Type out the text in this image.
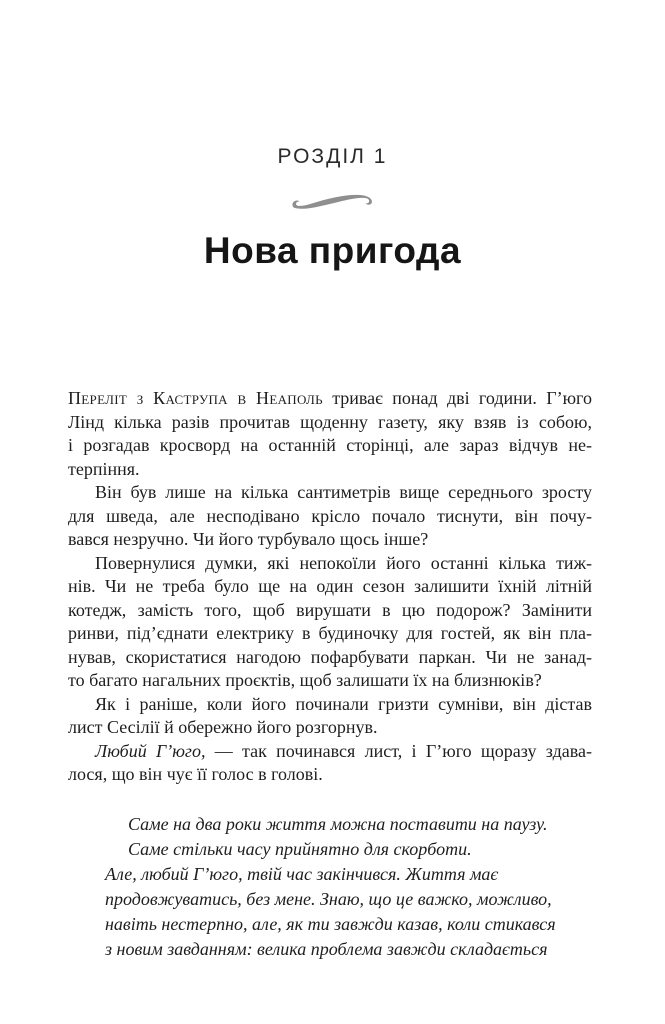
РОЗДІЛ 1
Нова пригода
Переліт з Каструпа в Неаполь триває понад дві години. Г’юго
Лінд кілька разів прочитав щоденну газету, яку взяв із собою,
і розгадав кросворд на останній сторінці, але зараз відчув не-
терпіння.
Він був лише на кілька сантиметрів вище середнього зросту
для шведа, але несподівано крісло почало тиснути, він почу-
вався незручно. Чи його турбувало щось інше?
Повернулися думки, які непокоїли його останні кілька тиж-
нів. Чи не треба було ще на один сезон залишити їхній літній
котедж, замість того, щоб вирушати в цю подорож? Замінити
ринви, під’єднати електрику в будиночку для гостей, як він пла-
нував, скористатися нагодою пофарбувати паркан. Чи не занад-
то багато нагальних проєктів, щоб залишати їх на близнюків?
Як і раніше, коли його починали гризти сумніви, він дістав
лист Сесілії й обережно його розгорнув.
Любий Г’юго, — так починався лист, і Г’юго щоразу здава-
лося, що він чує її голос в голові.
Саме на два роки життя можна поставити на паузу.
Саме стільки часу прийнятно для скорботи.
Але, любий Г’юго, твій час закінчився. Життя має
продовжуватись, без мене. Знаю, що це важко, можливо,
навіть нестерпно, але, як ти завжди казав, коли стикався
з новим завданням: велика проблема завжди складається
